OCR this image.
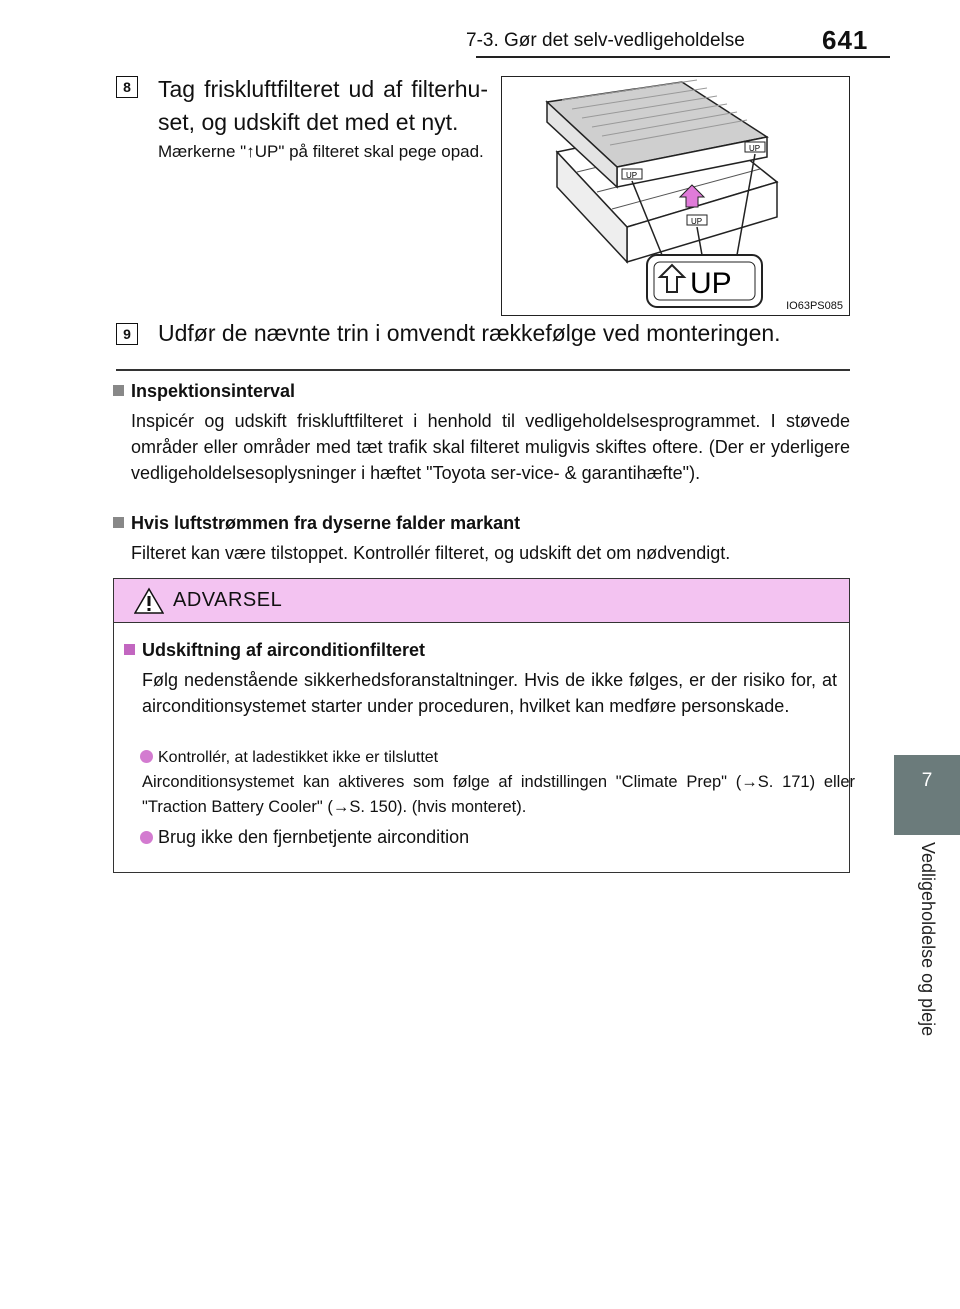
7-3. Gør det selv-vedligeholdelse	641
7
Vedligeholdelse og pleje
8	Tag friskluftfilteret ud af filterhu-set, og udskift det med et nyt.
Mærkerne "↑UP" på filteret skal pege opad.
UP
UP
UP
UP
IO63PS085
9	Udfør de nævnte trin i omvendt rækkefølge ved monteringen.
Inspektionsinterval
Inspicér og udskift friskluftfilteret i henhold til vedligeholdelsesprogrammet. I støvede områder eller områder med tæt trafik skal filteret muligvis skiftes oftere. (Der er yderligere vedligeholdelsesoplysninger i hæftet "Toyota ser-vice- & garantihæfte").
Hvis luftstrømmen fra dyserne falder markant
Filteret kan være tilstoppet. Kontrollér filteret, og udskift det om nødvendigt.
ADVARSEL
Udskiftning af airconditionfilteret
Følg nedenstående sikkerhedsforanstaltninger. Hvis de ikke følges, er der risiko for, at airconditionsystemet starter under proceduren, hvilket kan medføre personskade.
Kontrollér, at ladestikket ikke er tilsluttet
Airconditionsystemet kan aktiveres som følge af indstillingen "Climate Prep" (→S. 171) eller "Traction Battery Cooler" (→S. 150). (hvis monteret).
Brug ikke den fjernbetjente aircondition
